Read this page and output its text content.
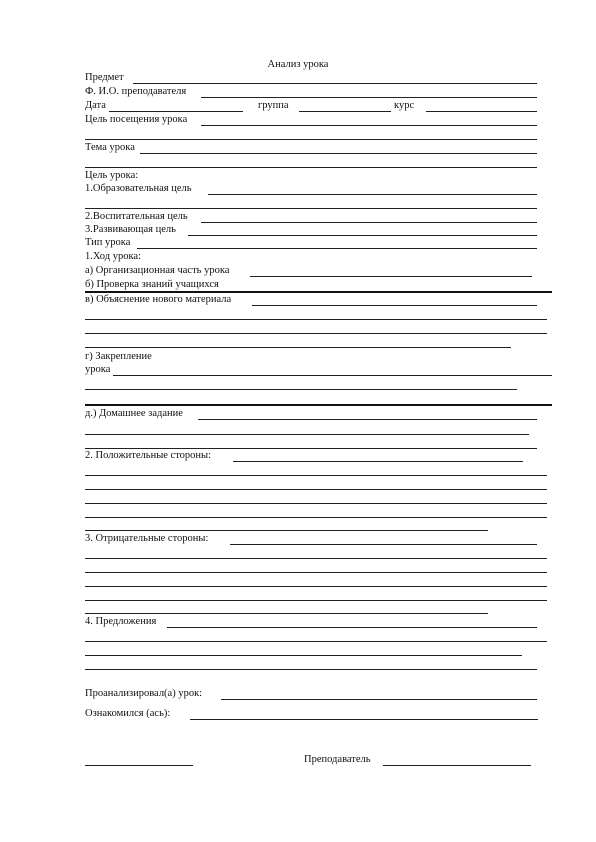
Анализ урока
Предмет
Ф. И.О. преподавателя
Дата	группа	курс
Цель посещения урока
Тема урока
Цель урока:
1.Образовательная цель
2.Воспитательная цель
3.Развивающая цель
Тип урока
1.Ход урока:
а) Организационная часть урока
б) Проверка знаний учащихся
в) Объяснение нового материала
г) Закрепление
урока
д.) Домашнее задание
2. Положительные стороны:
3. Отрицательные стороны:
4. Предложения
Проанализировал(а) урок:
Ознакомился (ась):
Преподаватель
